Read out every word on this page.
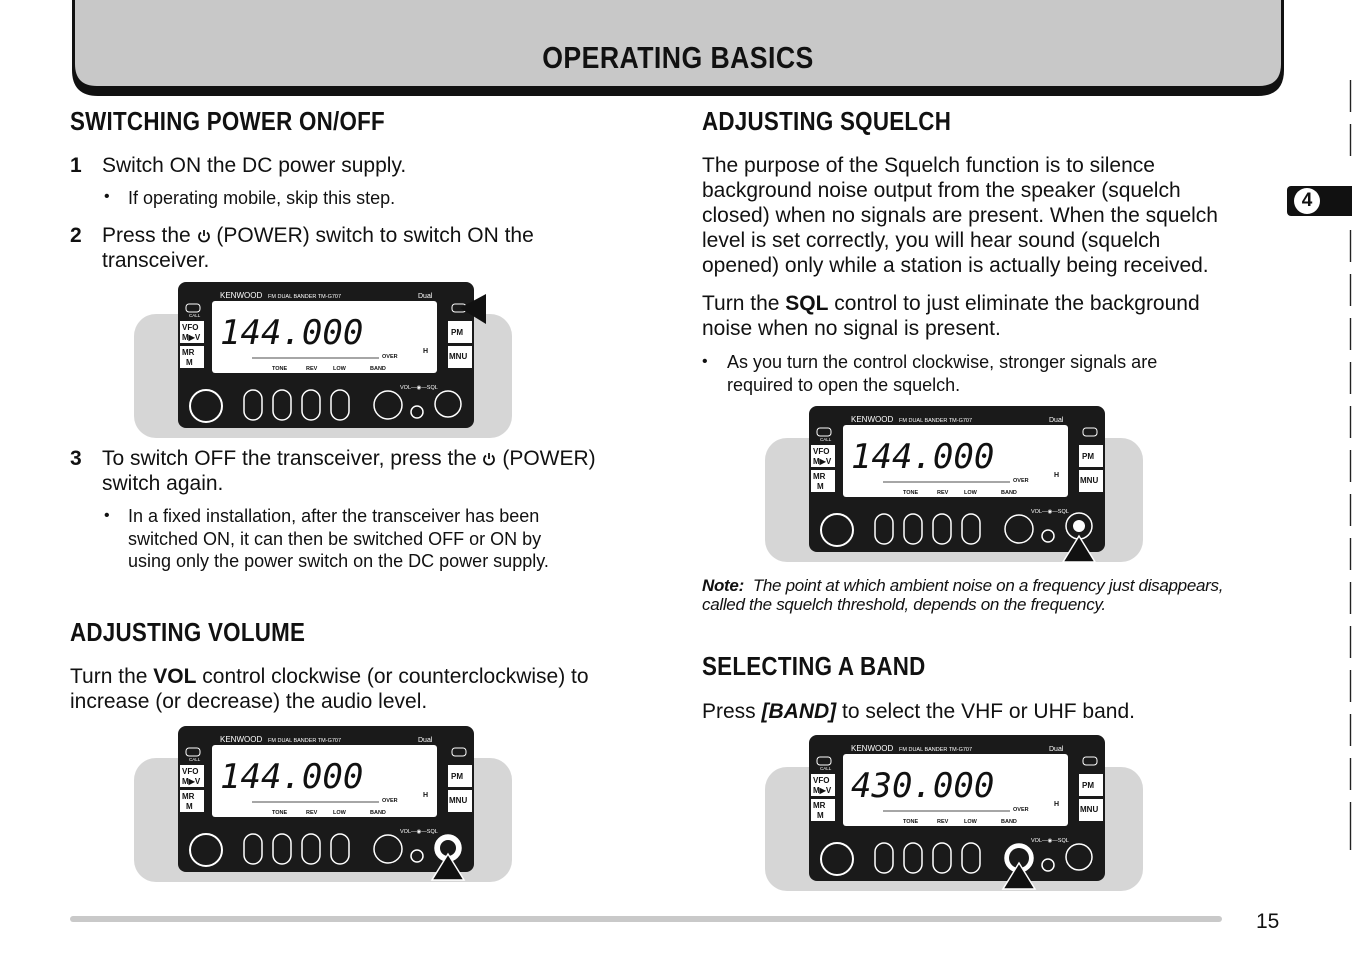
OPERATING BASICS
4
SWITCHING POWER ON/OFF
1 Switch ON the DC power supply.
• If operating mobile, skip this step.
2 Press the (POWER) switch to switch ON the
transceiver.
144.000
KENWOOD FM DUAL BANDER TM-G707	Dual
H
TONE	REV	LOW	BAND
OVER
CALL
VFO
M▶V
MR
M
PM
MNU
VOL—◉—SQL
3 To switch OFF the transceiver, press the (POWER)
switch again.
• In a fixed installation, after the transceiver has been
switched ON, it can then be switched OFF or ON by
using only the power switch on the DC power supply.
ADJUSTING VOLUME
Turn the VOL control clockwise (or counterclockwise) to
increase (or decrease) the audio level.
144.000
KENWOOD FM DUAL BANDER TM-G707	Dual
H
TONE	REV	LOW	BAND
OVER
CALL
VFO
M▶V
MR
M
PM
MNU
VOL—◉—SQL
ADJUSTING SQUELCH
The purpose of the Squelch function is to silence
background noise output from the speaker (squelch
closed) when no signals are present. When the squelch
level is set correctly, you will hear sound (squelch
opened) only while a station is actually being received.
Turn the SQL control to just eliminate the background
noise when no signal is present.
• As you turn the control clockwise, stronger signals are
required to open the squelch.
144.000
KENWOOD FM DUAL BANDER TM-G707	Dual
H
TONE	REV	LOW	BAND
OVER
CALL
VFO
M▶V
MR
M
PM
MNU
VOL—◉—SQL
Note: The point at which ambient noise on a frequency just disappears,
called the squelch threshold, depends on the frequency.
SELECTING A BAND
Press [BAND] to select the VHF or UHF band.
430.000
KENWOOD FM DUAL BANDER TM-G707	Dual
H
TONE	REV	LOW	BAND
OVER
CALL
VFO
M▶V
MR
M
PM
MNU
VOL—◉—SQL
15
